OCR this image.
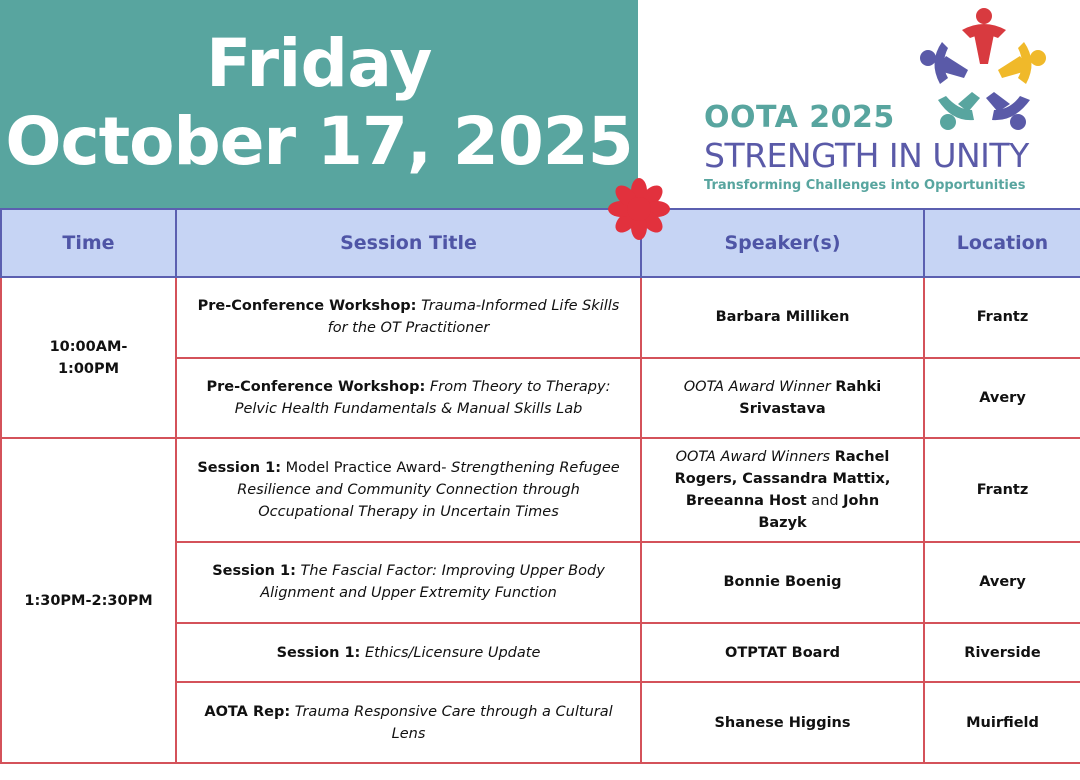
Friday
October 17, 2025 OOTA 2025
STRENGTH IN UNITY
Transforming Challenges into Opportunities
Time	Session Title	Speaker(s)	Location
10:00AM-1:00PM	Pre-Conference Workshop: Trauma-Informed Life Skills for the OT Practitioner	Barbara Milliken	Frantz
	Pre-Conference Workshop: From Theory to Therapy: Pelvic Health Fundamentals & Manual Skills Lab	OOTA Award Winner Rahki Srivastava	Avery
1:30PM-2:30PM	Session 1: Model Practice Award- Strengthening Refugee Resilience and Community Connection through Occupational Therapy in Uncertain Times	OOTA Award Winners Rachel Rogers, Cassandra Mattix, Breeanna Host and John Bazyk	Frantz
	Session 1: The Fascial Factor: Improving Upper Body Alignment and Upper Extremity Function	Bonnie Boenig	Avery
	Session 1: Ethics/Licensure Update	OTPTAT Board	Riverside
	AOTA Rep: Trauma Responsive Care through a Cultural Lens	Shanese Higgins	Muirfield
